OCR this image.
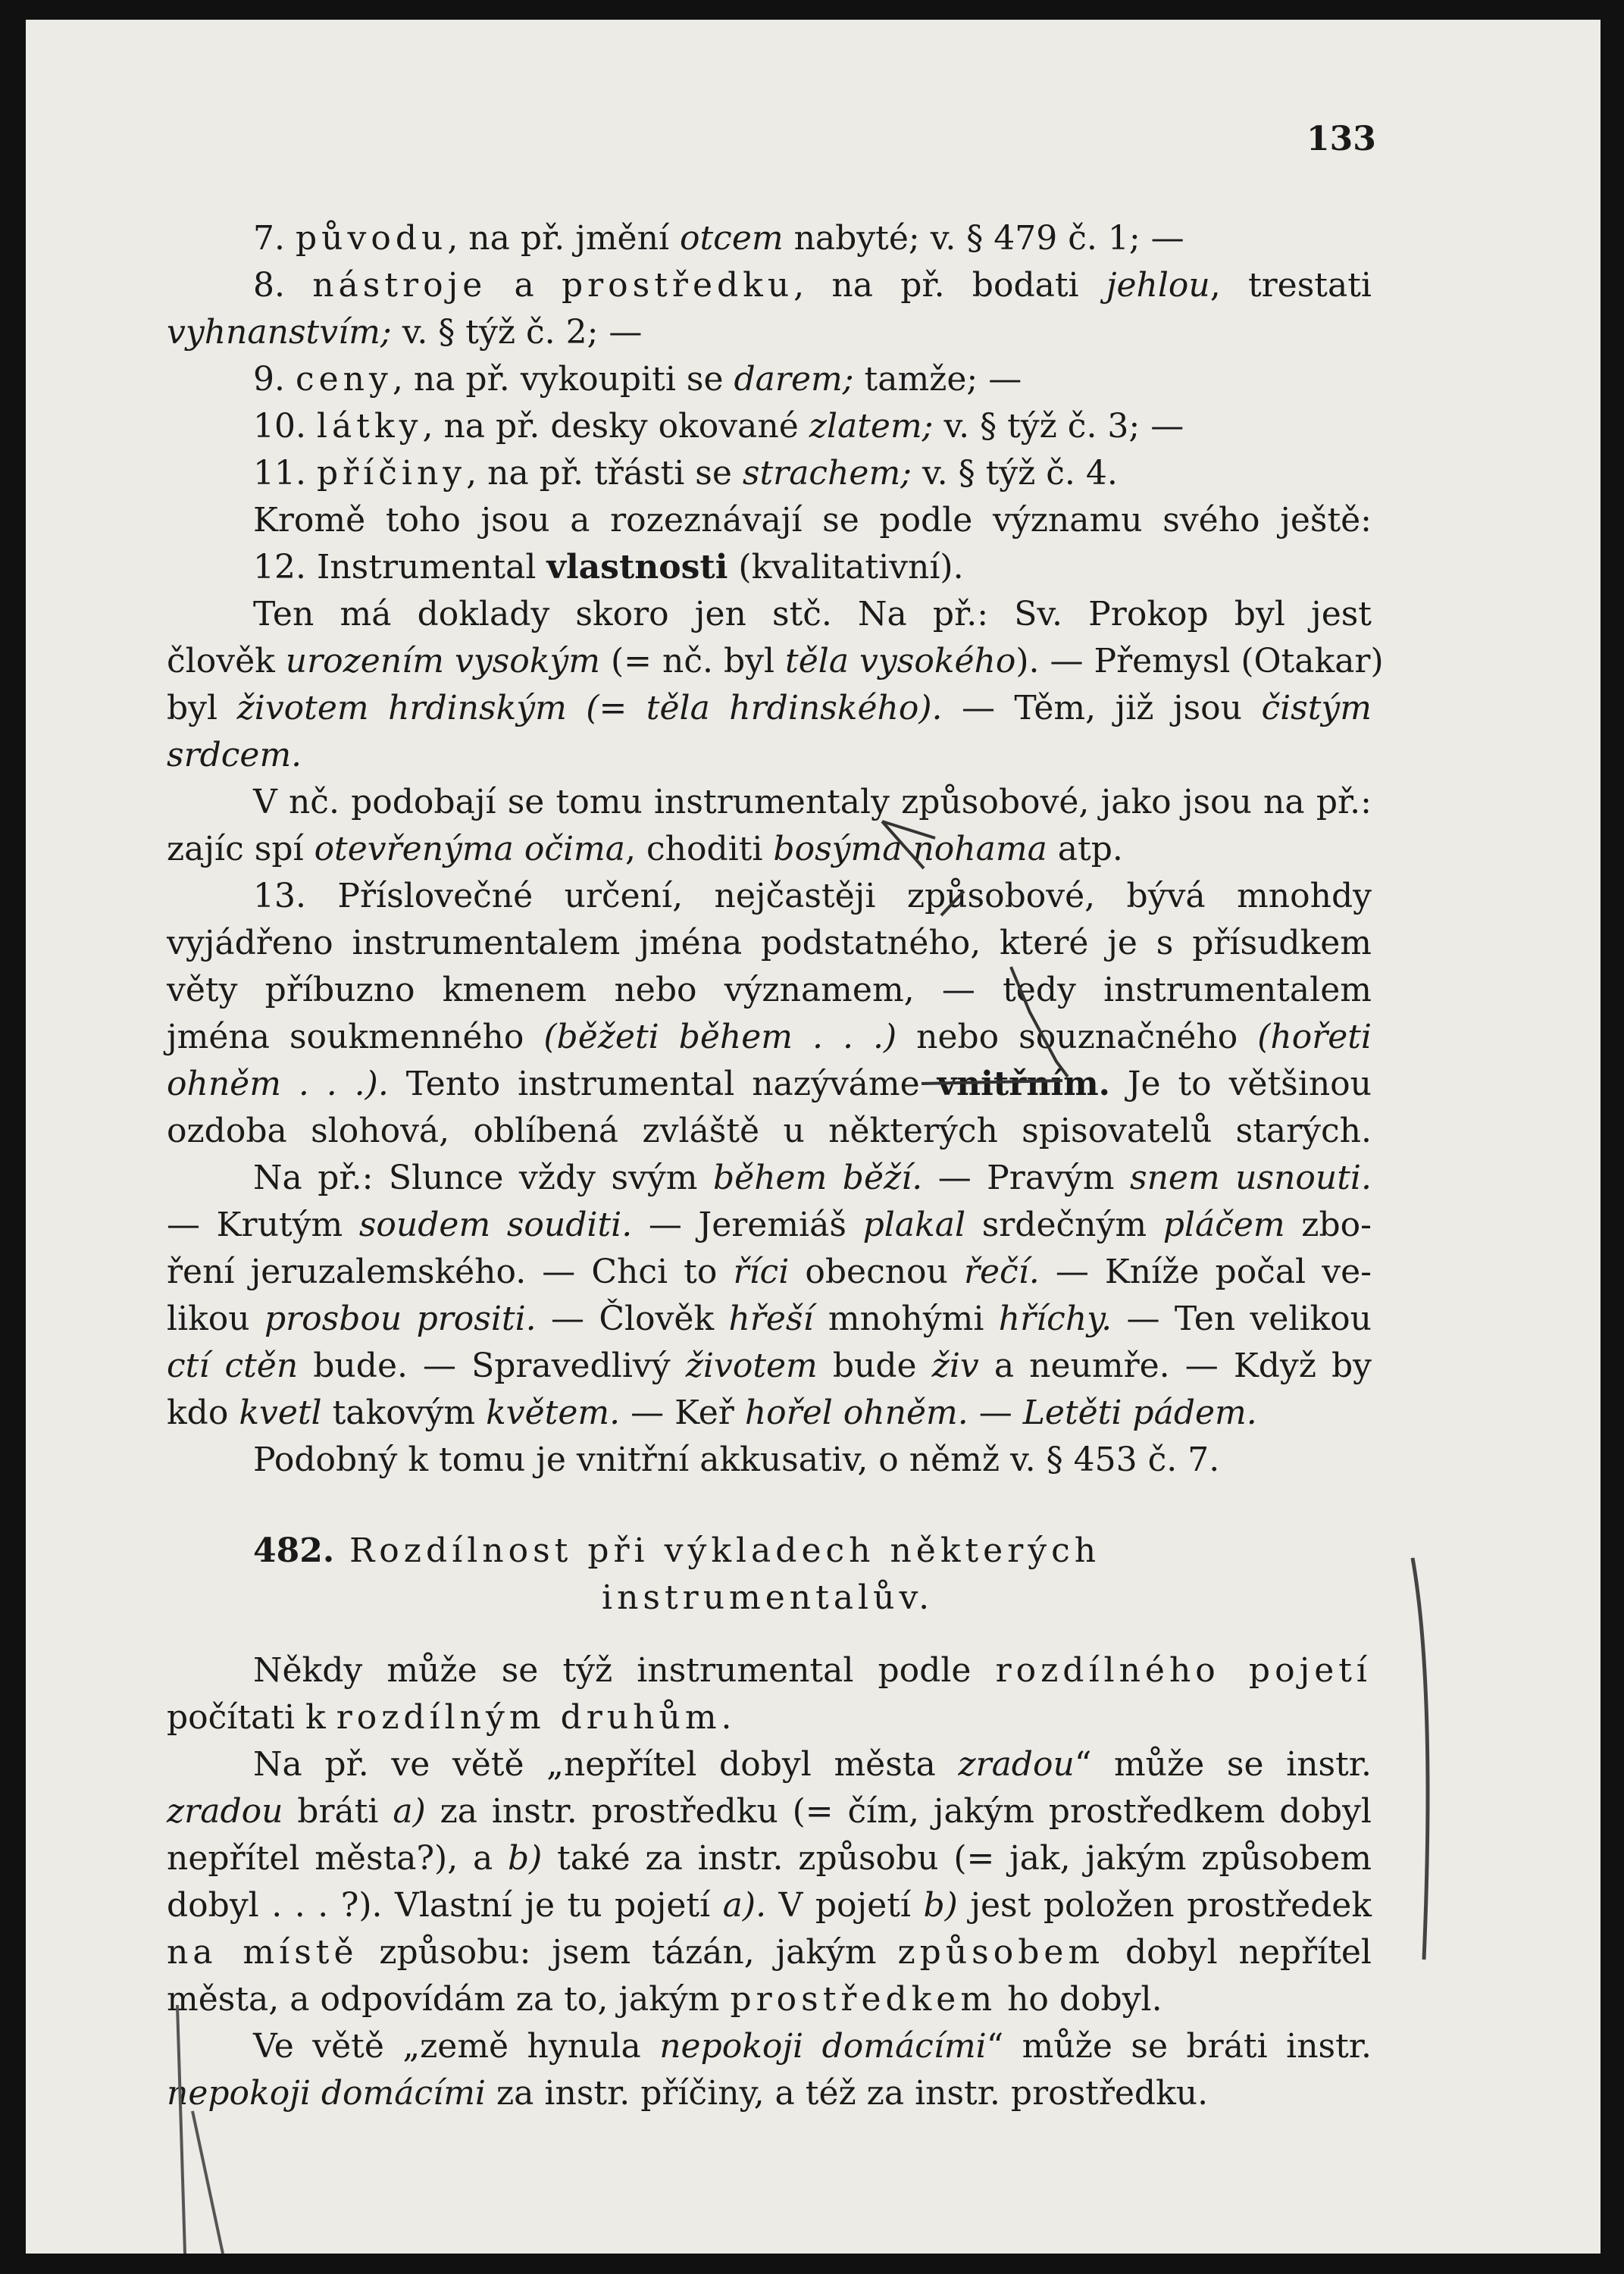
133
7. původu, na př. jmění otcem nabyté; v. § 479 č. 1; —
8. nástroje a prostředku, na př. bodati jehlou, trestati
vyhnanstvím; v. § týž č. 2; —
9. ceny, na př. vykoupiti se darem; tamže; —
10. látky, na př. desky okované zlatem; v. § týž č. 3; —
11. příčiny, na př. třásti se strachem; v. § týž č. 4.
Kromě toho jsou a rozeznávají se podle významu svého ještě:
12. Instrumental vlastnosti (kvalitativní).
Ten má doklady skoro jen stč. Na př.: Sv. Prokop byl jest
člověk urozením vysokým (= nč. byl těla vysokého). — Přemysl (Otakar)
byl životem hrdinským (= těla hrdinského). — Těm, již jsou čistým
srdcem.
V nč. podobají se tomu instrumentaly způsobové, jako jsou na př.:
zajíc spí otevřenýma očima, choditi bosýma nohama atp.
13. Příslovečné určení, nejčastěji způsobové, bývá mnohdy
vyjádřeno instrumentalem jména podstatného, které je s přísudkem
věty příbuzno kmenem nebo významem, — tedy instrumentalem
jména soukmenného (běžeti během . . .) nebo souznačného (hořeti
ohněm . . .). Tento instrumental nazýváme vnitřním. Je to většinou
ozdoba slohová, oblíbená zvláště u některých spisovatelů starých.
Na př.: Slunce vždy svým během běží. — Pravým snem usnouti.
— Krutým soudem souditi. — Jeremiáš plakal srdečným pláčem zbo-
ření jeruzalemského. — Chci to říci obecnou řečí. — Kníže počal ve-
likou prosbou prositi. — Člověk hřeší mnohými hříchy. — Ten velikou
ctí ctěn bude. — Spravedlivý životem bude živ a neumře. — Když by
kdo kvetl takovým květem. — Keř hořel ohněm. — Letěti pádem.
Podobný k tomu je vnitřní akkusativ, o němž v. § 453 č. 7.
482. Rozdílnost při výkladech některých
instrumentalův.
Někdy může se týž instrumental podle rozdílného pojetí
počítati k rozdílným druhům.
Na př. ve větě „nepřítel dobyl města zradou“ může se instr.
zradou bráti a) za instr. prostředku (= čím, jakým prostředkem dobyl
nepřítel města?), a b) také za instr. způsobu (= jak, jakým způsobem
dobyl . . . ?). Vlastní je tu pojetí a). V pojetí b) jest položen prostředek
na místě způsobu: jsem tázán, jakým způsobem dobyl nepřítel
města, a odpovídám za to, jakým prostředkem ho dobyl.
Ve větě „země hynula nepokoji domácími“ může se bráti instr.
nepokoji domácími za instr. příčiny, a též za instr. prostředku.
